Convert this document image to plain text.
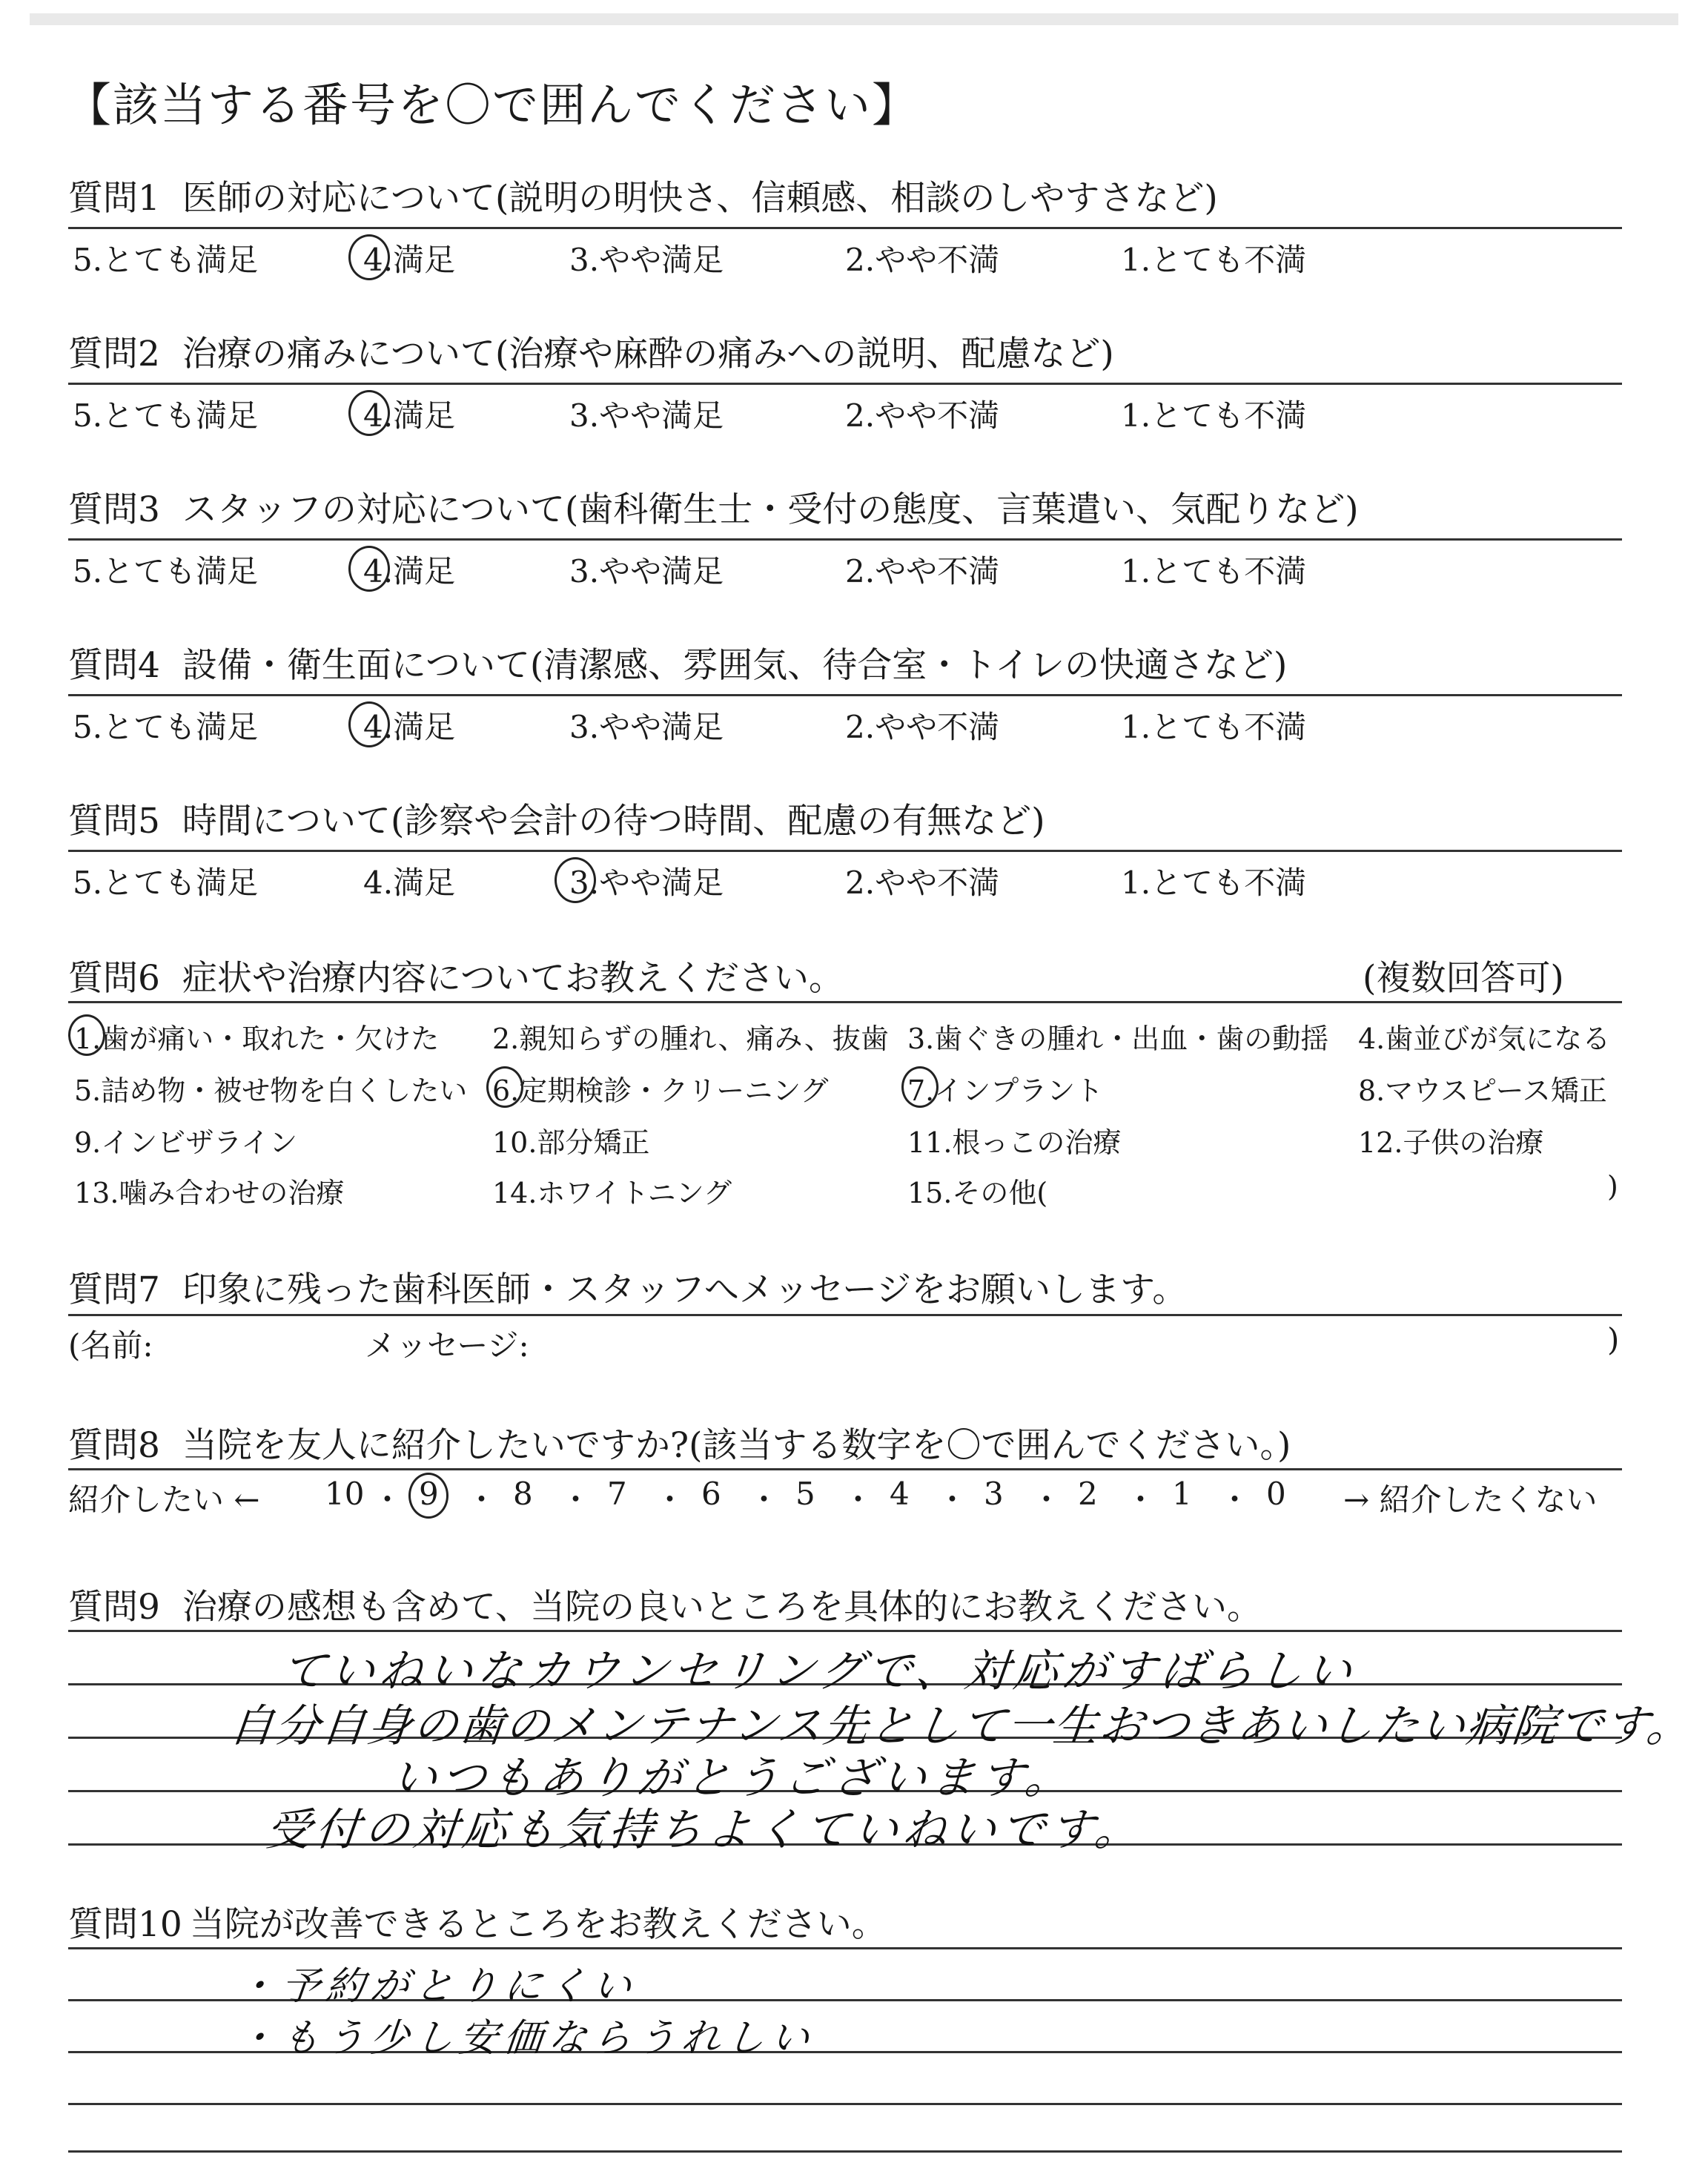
【該当する番号を〇で囲んでください】
質問1 医師の対応について(説明の明快さ、信頼感、相談のしやすさなど)
5.とても満足	4.満足	3.やや満足	2.やや不満	1.とても不満
質問2 治療の痛みについて(治療や麻酔の痛みへの説明、配慮など)
5.とても満足	4.満足	3.やや満足	2.やや不満	1.とても不満
質問3 スタッフの対応について(歯科衛生士・受付の態度、言葉遣い、気配りなど)
5.とても満足	4.満足	3.やや満足	2.やや不満	1.とても不満
質問4 設備・衛生面について(清潔感、雰囲気、待合室・トイレの快適さなど)
5.とても満足	4.満足	3.やや満足	2.やや不満	1.とても不満
質問5 時間について(診察や会計の待つ時間、配慮の有無など)
5.とても満足	4.満足	3.やや満足	2.やや不満	1.とても不満
質問6 症状や治療内容についてお教えください。	(複数回答可)
1.歯が痛い・取れた・欠けた 2.親知らずの腫れ、痛み、抜歯 3.歯ぐきの腫れ・出血・歯の動揺 4.歯並びが気になる
5.詰め物・被せ物を白くしたい 6.定期検診・クリーニング	7.インプラント	8.マウスピース矯正
9.インビザライン	10.部分矯正	11.根っこの治療	12.子供の治療
13.噛み合わせの治療	14.ホワイトニング	15.その他(	)
質問7 印象に残った歯科医師・スタッフへメッセージをお願いします。
(名前:	メッセージ:	)
質問8 当院を友人に紹介したいですか?(該当する数字を〇で囲んでください。)
紹介したい ← 10 ・ 9 ・ 8 ・ 7 ・ 6 ・ 5 ・ 4 ・ 3 ・ 2 ・ 1 ・ 0 → 紹介したくない
質問9 治療の感想も含めて、当院の良いところを具体的にお教えください。
ていねいなカウンセリングで、対応がすばらしい
自分自身の歯のメンテナンス先として一生おつきあいしたい病院です。
いつもありがとうございます。
受付の対応も気持ちよくていねいです。
質問10 当院が改善できるところをお教えください。
・予約がとりにくい
・もう少し安価ならうれしい
